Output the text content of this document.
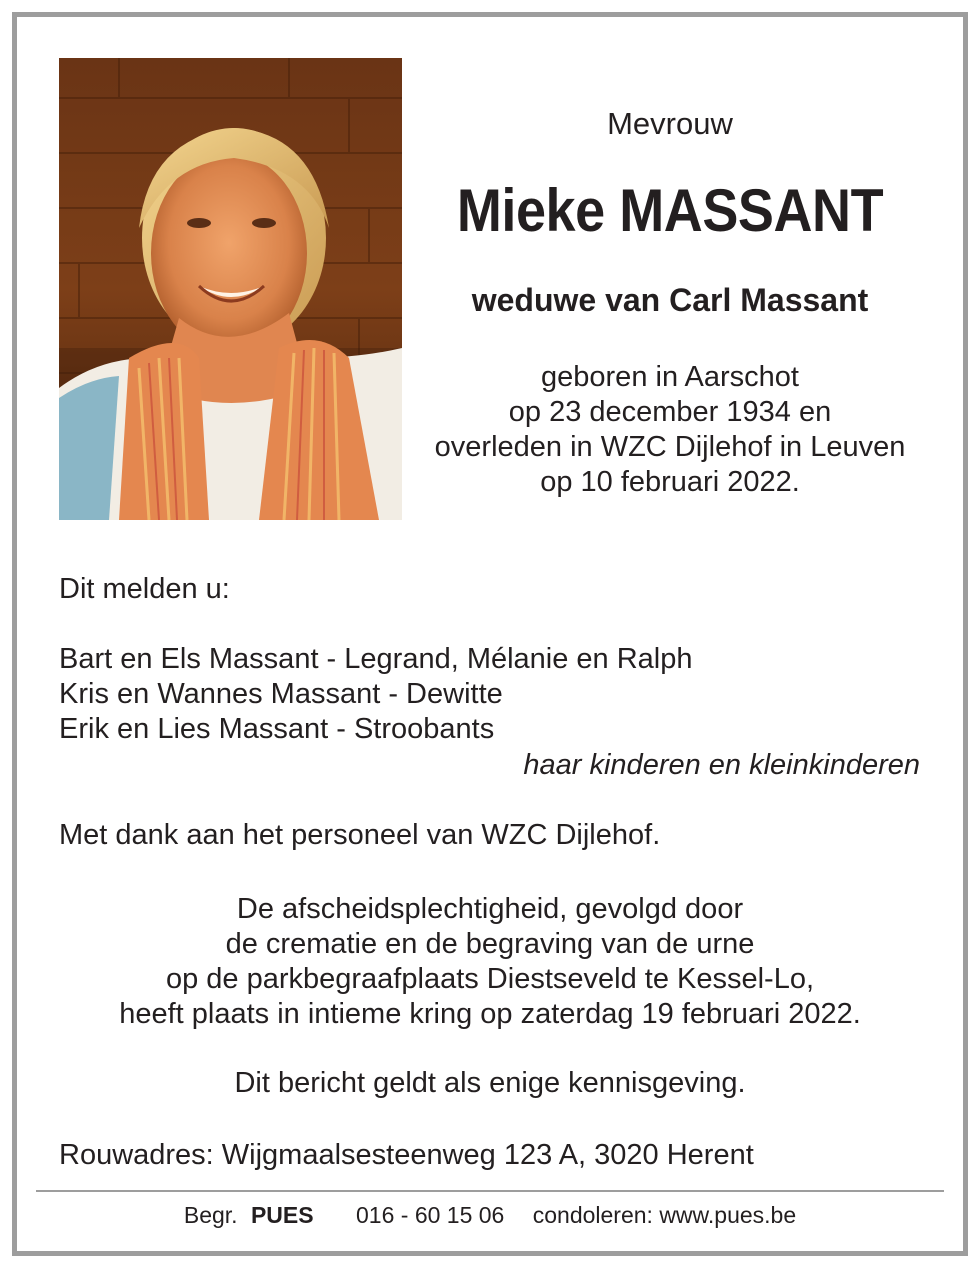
Mevrouw
Mieke MASSANT
weduwe van Carl Massant
geboren in Aarschot
op 23 december 1934 en
overleden in WZC Dijlehof in Leuven
op 10 februari 2022.
Dit melden u:
Bart en Els Massant - Legrand, Mélanie en Ralph
Kris en Wannes Massant - Dewitte
Erik en Lies Massant - Stroobants
haar kinderen en kleinkinderen
Met dank aan het personeel van WZC Dijlehof.
De afscheidsplechtigheid, gevolgd door
de crematie en de begraving van de urne
op de parkbegraafplaats Diestseveld te Kessel-Lo,
heeft plaats in intieme kring op zaterdag 19 februari 2022.
Dit bericht geldt als enige kennisgeving.
Rouwadres: Wijgmaalsesteenweg 123 A, 3020 Herent
Begr. PUES 016 - 60 15 06 condoleren: www.pues.be
